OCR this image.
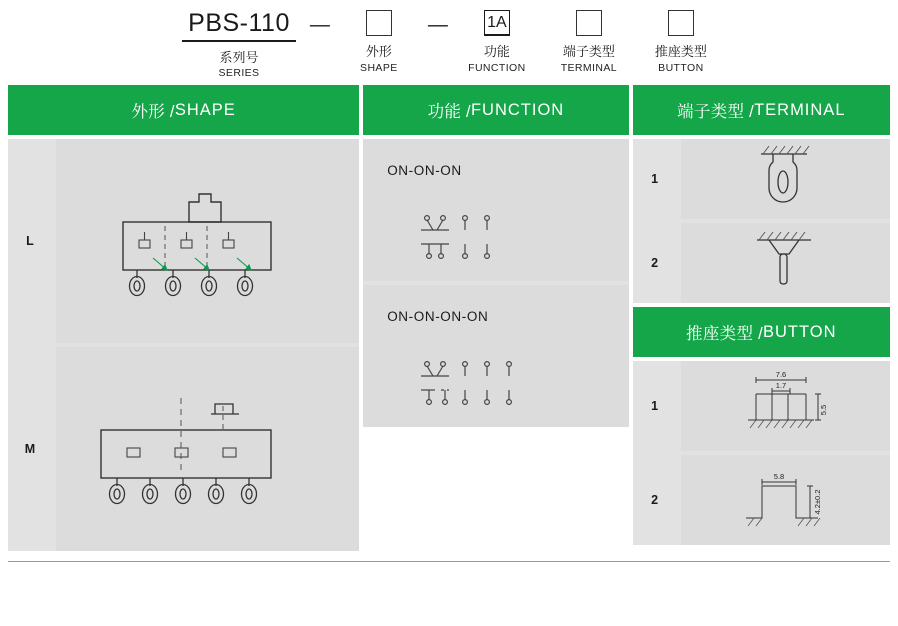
PBS-110
系列号
SERIES
—
外形
SHAPE
—	1A
功能
FUNCTION
端子类型
TERMINAL
推座类型
BUTTON
外形 / SHAPE
L
M
功能 / FUNCTION
ON-ON-ON
ON-ON-ON-ON
端子类型 / TERMINAL
1
2
推座类型 / BUTTON
1
7.6
1.7
5.5
2
5.8
4.2±0.2
